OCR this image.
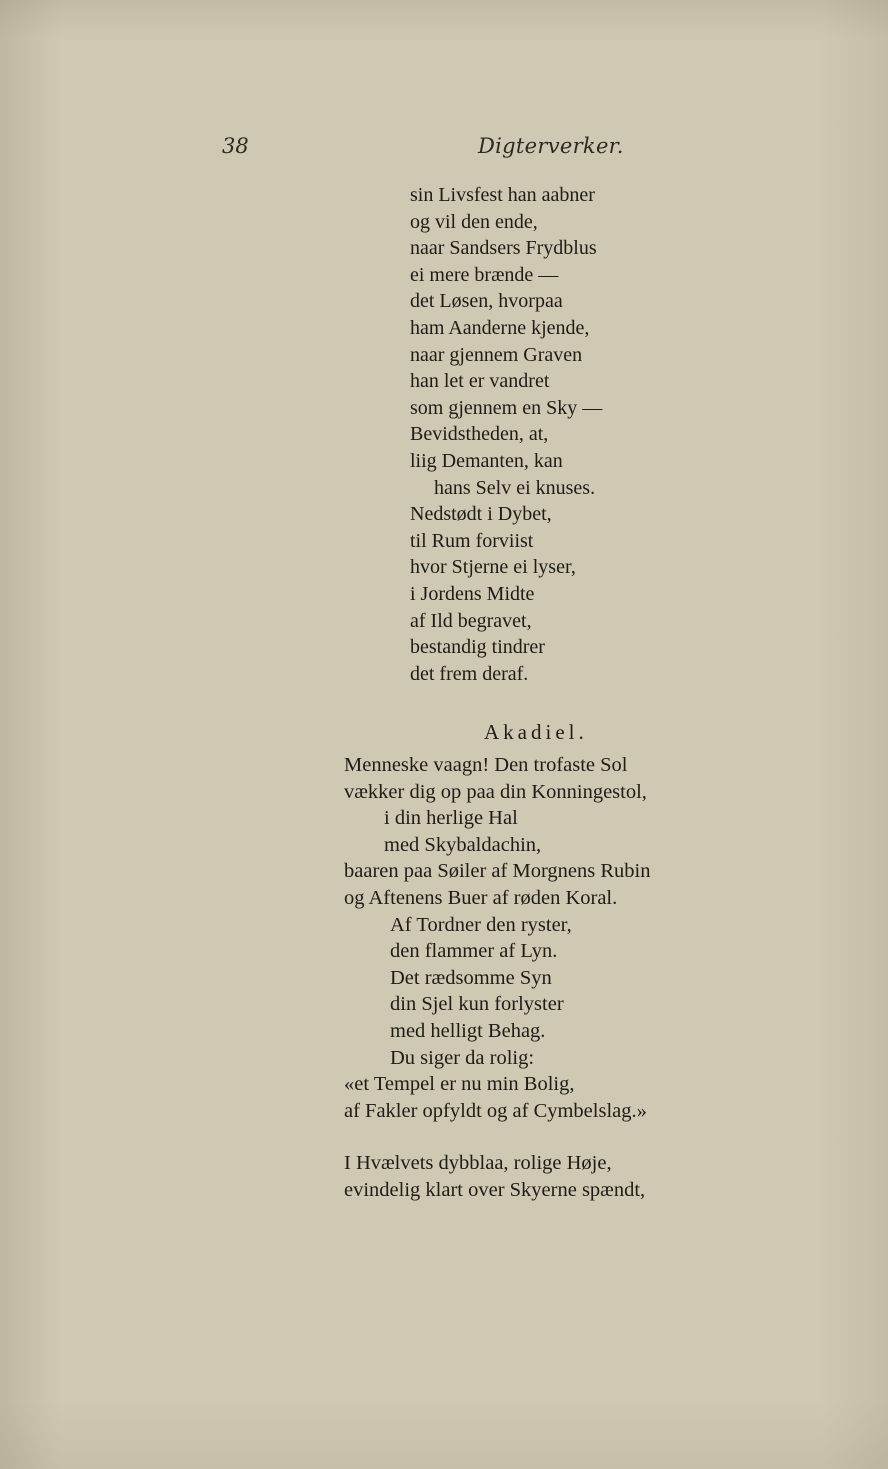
38	Digterverker.
sin Livsfest han aabner
og vil den ende,
naar Sandsers Frydblus
ei mere brænde —
det Løsen, hvorpaa
ham Aanderne kjende,
naar gjennem Graven
han let er vandret
som gjennem en Sky —
Bevidstheden, at,
liig Demanten, kan
hans Selv ei knuses.
Nedstødt i Dybet,
til Rum forviist
hvor Stjerne ei lyser,
i Jordens Midte
af Ild begravet,
bestandig tindrer
det frem deraf.
Akadiel.
Menneske vaagn! Den trofaste Sol
vækker dig op paa din Konningestol,
i din herlige Hal
med Skybaldachin,
baaren paa Søiler af Morgnens Rubin
og Aftenens Buer af røden Koral.
Af Tordner den ryster,
den flammer af Lyn.
Det rædsomme Syn
din Sjel kun forlyster
med helligt Behag.
Du siger da rolig:
«et Tempel er nu min Bolig,
af Fakler opfyldt og af Cymbelslag.»
I Hvælvets dybblaa, rolige Høje,
evindelig klart over Skyerne spændt,
